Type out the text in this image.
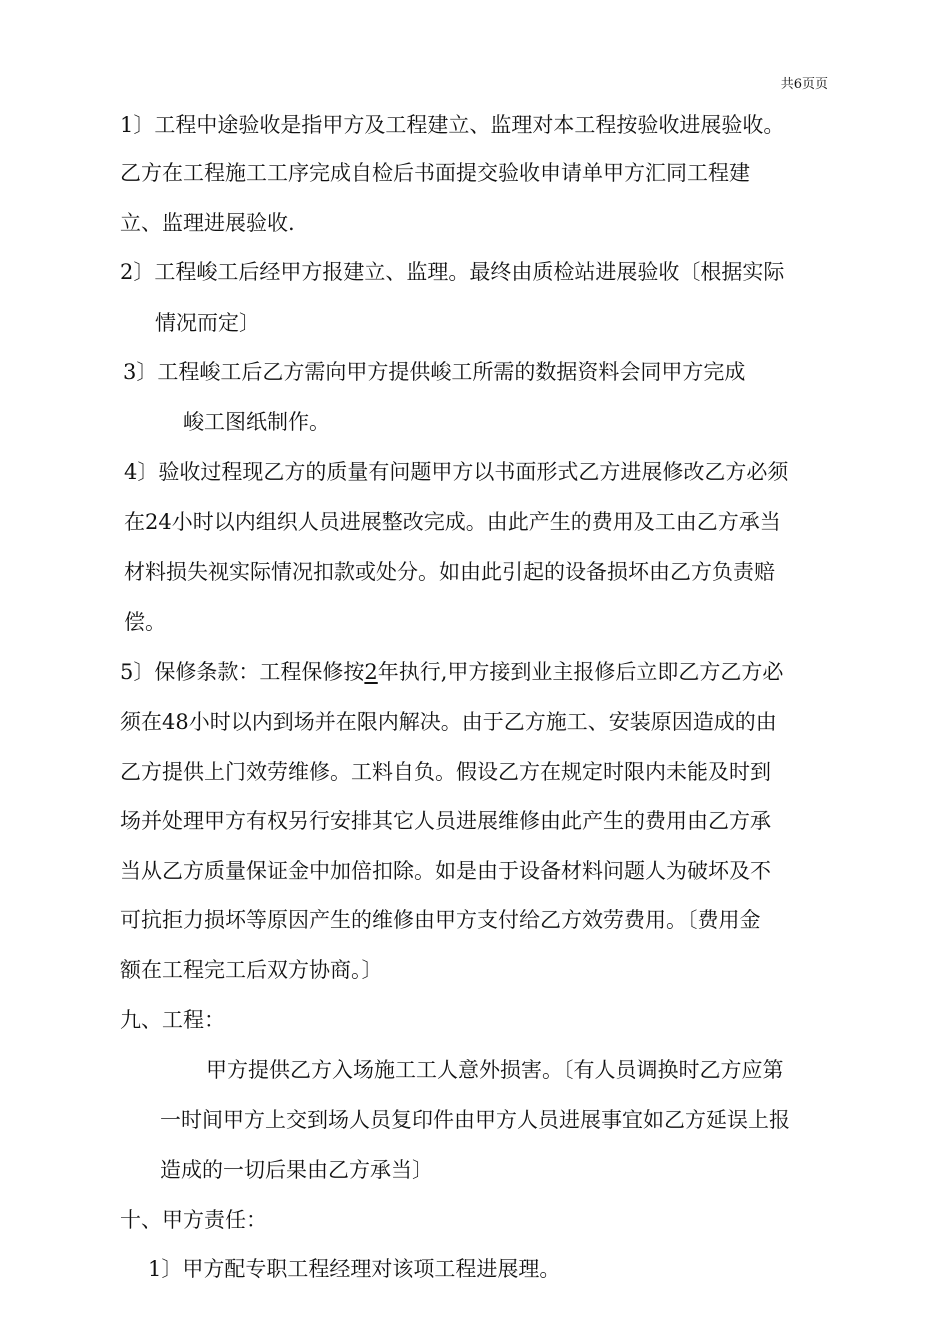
共6页页
1〕工程中途验收是指甲方及工程建立、监理对本工程按验收进展验收。
乙方在工程施工工序完成自检后书面提交验收申请单甲方汇同工程建
立、监理进展验收.
2〕工程峻工后经甲方报建立、监理。最终由质检站进展验收〔根据实际
情况而定〕
3〕工程峻工后乙方需向甲方提供峻工所需的数据资料会同甲方完成
峻工图纸制作。
4〕验收过程现乙方的质量有问题甲方以书面形式乙方进展修改乙方必须
在24小时以内组织人员进展整改完成。由此产生的费用及工由乙方承当
材料损失视实际情况扣款或处分。如由此引起的设备损坏由乙方负责赔
偿。
5〕保修条款：工程保修按2年执行,甲方接到业主报修后立即乙方乙方必
须在48小时以内到场并在限内解决。由于乙方施工、安装原因造成的由
乙方提供上门效劳维修。工料自负。假设乙方在规定时限内未能及时到
场并处理甲方有权另行安排其它人员进展维修由此产生的费用由乙方承
当从乙方质量保证金中加倍扣除。如是由于设备材料问题人为破坏及不
可抗拒力损坏等原因产生的维修由甲方支付给乙方效劳费用。〔费用金
额在工程完工后双方协商。〕
九、工程：
甲方提供乙方入场施工工人意外损害。〔有人员调换时乙方应第
一时间甲方上交到场人员复印件由甲方人员进展事宜如乙方延误上报
造成的一切后果由乙方承当〕
十、甲方责任：
1〕甲方配专职工程经理对该项工程进展理。
